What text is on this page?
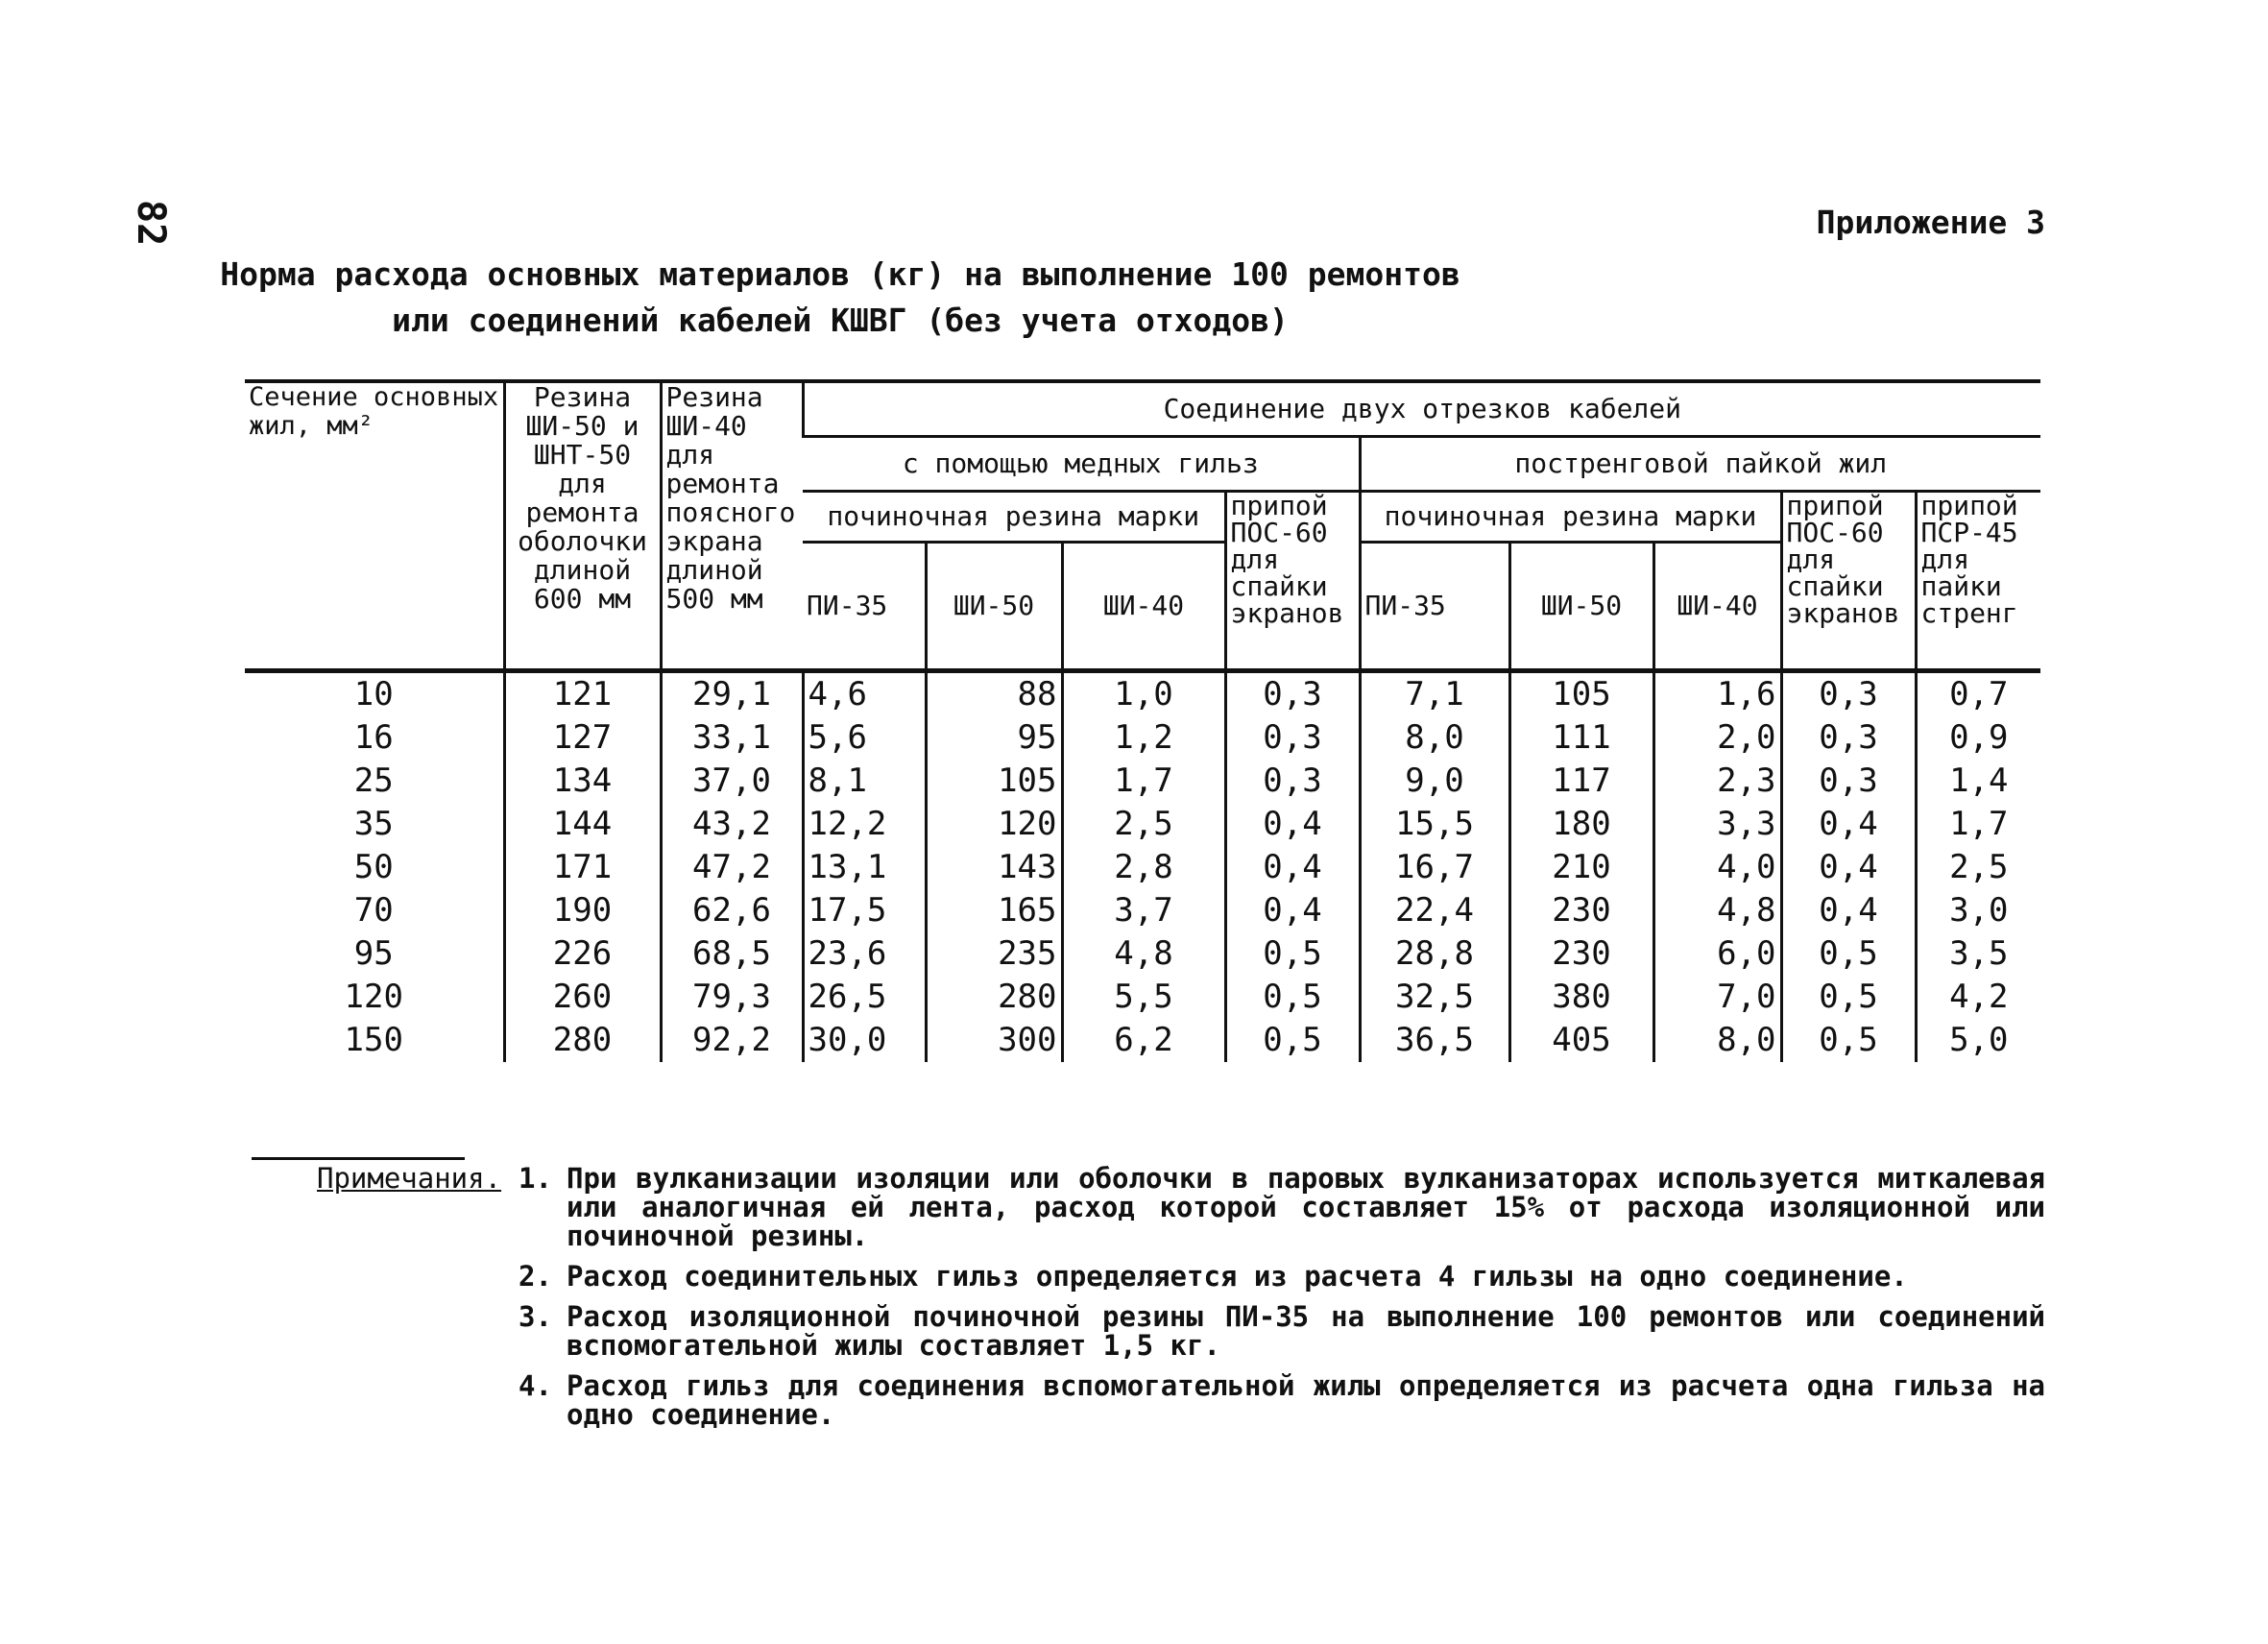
82	Приложение 3
Норма расхода основных материалов (кг) на выполнение 100 ремонтов
или соединений кабелей КШВГ (без учета отходов)
Сечение основных жил, мм²	Резина ШИ-50 и ШНТ-50 для ремонта оболочки длиной 600 мм	Резина ШИ-40 для ремонта поясного экрана длиной 500 мм	Соединение двух отрезков кабелей								
			с помощью медных гильз				постренговой пайкой жил				
			починочная резина марки			припой ПОС-60 для спайки экранов	починочная резина марки			припой ПОС-60 для спайки экранов	припой ПСР-45 для пайки стренг
			ПИ-35	ШИ-50	ШИ-40		ПИ-35	ШИ-50	ШИ-40		
10	121	29,1	4,6	88	1,0	0,3	7,1	105	1,6	0,3	0,7
16	127	33,1	5,6	95	1,2	0,3	8,0	111	2,0	0,3	0,9
25	134	37,0	8,1	105	1,7	0,3	9,0	117	2,3	0,3	1,4
35	144	43,2	12,2	120	2,5	0,4	15,5	180	3,3	0,4	1,7
50	171	47,2	13,1	143	2,8	0,4	16,7	210	4,0	0,4	2,5
70	190	62,6	17,5	165	3,7	0,4	22,4	230	4,8	0,4	3,0
95	226	68,5	23,6	235	4,8	0,5	28,8	230	6,0	0,5	3,5
120	260	79,3	26,5	280	5,5	0,5	32,5	380	7,0	0,5	4,2
150	280	92,2	30,0	300	6,2	0,5	36,5	405	8,0	0,5	5,0
Примечания. 1. При вулканизации изоляции или оболочки в паровых вулканизаторах используется миткалевая или аналогичная ей лента, расход которой составляет 15% от расхода изоляционной или починочной резины.
2. Расход соединительных гильз определяется из расчета 4 гильзы на одно соединение.
3. Расход изоляционной починочной резины ПИ-35 на выполнение 100 ремонтов или соединений вспомогательной жилы составляет 1,5 кг.
4. Расход гильз для соединения вспомогательной жилы определяется из расчета одна гильза на одно соединение.
